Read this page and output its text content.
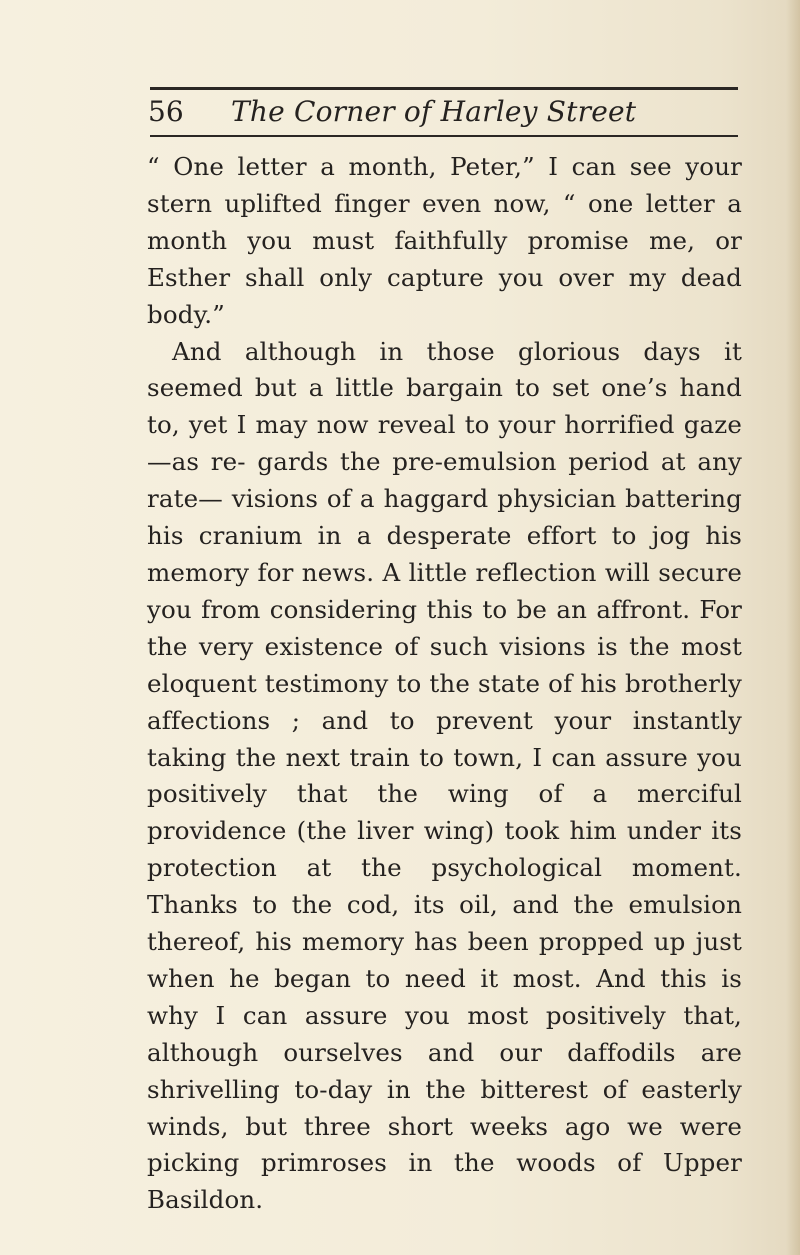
56 The Corner of Harley Street

“ One letter a month, Peter,” I can see your stern uplifted finger even now, “ one letter a month you must faithfully promise me, or Esther shall only capture you over my dead body.”

And although in those glorious days it seemed but a little bargain to set one’s hand to, yet I may now reveal to your horrified gaze—as re- gards the pre-emulsion period at any rate— visions of a haggard physician battering his cranium in a desperate effort to jog his memory for news. A little reflection will secure you from considering this to be an affront. For the very existence of such visions is the most eloquent testimony to the state of his brotherly affections ; and to prevent your instantly taking the next train to town, I can assure you positively that the wing of a merciful providence (the liver wing) took him under its protection at the psychological moment. Thanks to the cod, its oil, and the emulsion thereof, his memory has been propped up just when he began to need it most. And this is why I can assure you most positively that, although ourselves and our daffodils are shrivelling to-day in the bitterest of easterly winds, but three short weeks ago we were picking primroses in the woods of Upper Basildon.
